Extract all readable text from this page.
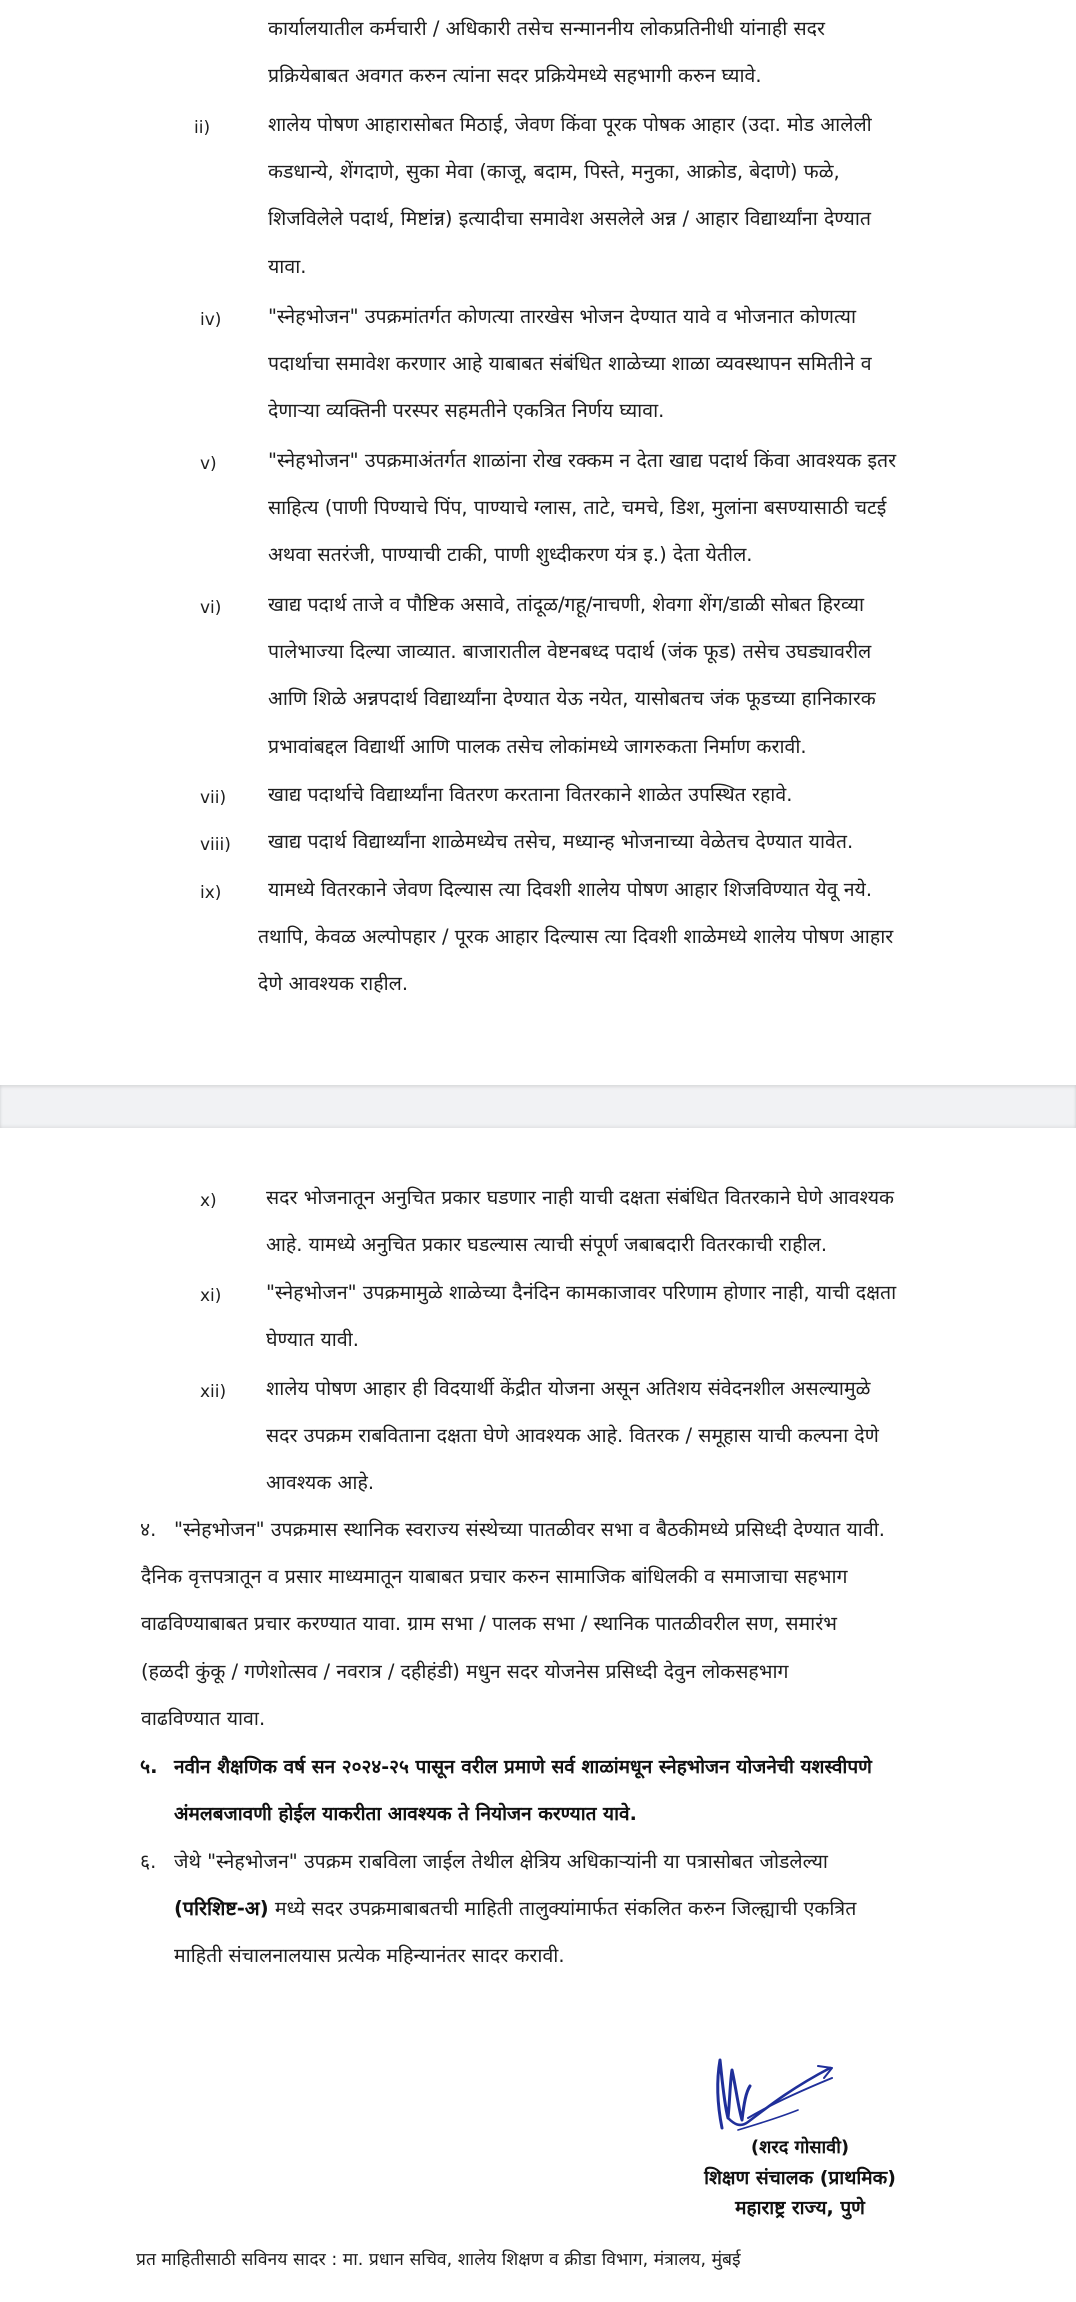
कार्यालयातील कर्मचारी / अधिकारी तसेच सन्माननीय लोकप्रतिनीधी यांनाही सदर
प्रक्रियेबाबत अवगत करुन त्यांना सदर प्रक्रियेमध्ये सहभागी करुन घ्यावे.
ii)	शालेय पोषण आहारासोबत मिठाई, जेवण किंवा पूरक पोषक आहार (उदा. मोड आलेली
कडधान्ये, शेंगदाणे, सुका मेवा (काजू, बदाम, पिस्ते, मनुका, आक्रोड, बेदाणे) फळे,
शिजविलेले पदार्थ, मिष्टांन्न) इत्यादीचा समावेश असलेले अन्न / आहार विद्यार्थ्यांना देण्यात
यावा.
iv) "स्नेहभोजन" उपक्रमांतर्गत कोणत्या तारखेस भोजन देण्यात यावे व भोजनात कोणत्या
पदार्थाचा समावेश करणार आहे याबाबत संबंधित शाळेच्या शाळा व्यवस्थापन समितीने व
देणाऱ्या व्यक्तिनी परस्पर सहमतीने एकत्रित निर्णय घ्यावा.
v)	"स्नेहभोजन" उपक्रमाअंतर्गत शाळांना रोख रक्कम न देता खाद्य पदार्थ किंवा आवश्यक इतर
साहित्य (पाणी पिण्याचे पिंप, पाण्याचे ग्लास, ताटे, चमचे, डिश, मुलांना बसण्यासाठी चटई
अथवा सतरंजी, पाण्याची टाकी, पाणी शुध्दीकरण यंत्र इ.) देता येतील.
vi) खाद्य पदार्थ ताजे व पौष्टिक असावे, तांदूळ/गहू/नाचणी, शेवगा शेंग/डाळी सोबत हिरव्या
पालेभाज्या दिल्या जाव्यात. बाजारातील वेष्टनबध्द पदार्थ (जंक फूड) तसेच उघड्यावरील
आणि शिळे अन्नपदार्थ विद्यार्थ्यांना देण्यात येऊ नयेत, यासोबतच जंक फूडच्या हानिकारक
प्रभावांबद्दल विद्यार्थी आणि पालक तसेच लोकांमध्ये जागरुकता निर्माण करावी.
vii) खाद्य पदार्थाचे विद्यार्थ्यांना वितरण करताना वितरकाने शाळेत उपस्थित रहावे.
viii) खाद्य पदार्थ विद्यार्थ्यांना शाळेमध्येच तसेच, मध्यान्ह भोजनाच्या वेळेतच देण्यात यावेत.
ix) यामध्ये वितरकाने जेवण दिल्यास त्या दिवशी शालेय पोषण आहार शिजविण्यात येवू नये.
तथापि, केवळ अल्पोपहार / पूरक आहार दिल्यास त्या दिवशी शाळेमध्ये शालेय पोषण आहार
देणे आवश्यक राहील.
x)	सदर भोजनातून अनुचित प्रकार घडणार नाही याची दक्षता संबंधित वितरकाने घेणे आवश्यक
आहे. यामध्ये अनुचित प्रकार घडल्यास त्याची संपूर्ण जबाबदारी वितरकाची राहील.
xi) "स्नेहभोजन" उपक्रमामुळे शाळेच्या दैनंदिन कामकाजावर परिणाम होणार नाही, याची दक्षता
घेण्यात यावी.
xii) शालेय पोषण आहार ही विदयार्थी केंद्रीत योजना असून अतिशय संवेदनशील असल्यामुळे
सदर उपक्रम राबविताना दक्षता घेणे आवश्यक आहे. वितरक / समूहास याची कल्पना देणे
आवश्यक आहे.
४. "स्नेहभोजन" उपक्रमास स्थानिक स्वराज्य संस्थेच्या पातळीवर सभा व बैठकीमध्ये प्रसिध्दी देण्यात यावी.
दैनिक वृत्तपत्रातून व प्रसार माध्यमातून याबाबत प्रचार करुन सामाजिक बांधिलकी व समाजाचा सहभाग
वाढविण्याबाबत प्रचार करण्यात यावा. ग्राम सभा / पालक सभा / स्थानिक पातळीवरील सण, समारंभ
(हळदी कुंकू / गणेशोत्सव / नवरात्र / दहीहंडी) मधुन सदर योजनेस प्रसिध्दी देवुन लोकसहभाग
वाढविण्यात यावा.
५. नवीन शैक्षणिक वर्ष सन २०२४-२५ पासून वरील प्रमाणे सर्व शाळांमधून स्नेहभोजन योजनेची यशस्वीपणे
अंमलबजावणी होईल याकरीता आवश्यक ते नियोजन करण्यात यावे.
६. जेथे "स्नेहभोजन" उपक्रम राबविला जाईल तेथील क्षेत्रिय अधिकाऱ्यांनी या पत्रासोबत जोडलेल्या
(परिशिष्ट-अ) मध्ये सदर उपक्रमाबाबतची माहिती तालुक्यांमार्फत संकलित करुन जिल्ह्याची एकत्रित
माहिती संचालनालयास प्रत्येक महिन्यानंतर सादर करावी.
(शरद गोसावी)
शिक्षण संचालक (प्राथमिक)
महाराष्ट्र राज्य, पुणे
प्रत माहितीसाठी सविनय सादर : मा. प्रधान सचिव, शालेय शिक्षण व क्रीडा विभाग, मंत्रालय, मुंबई
